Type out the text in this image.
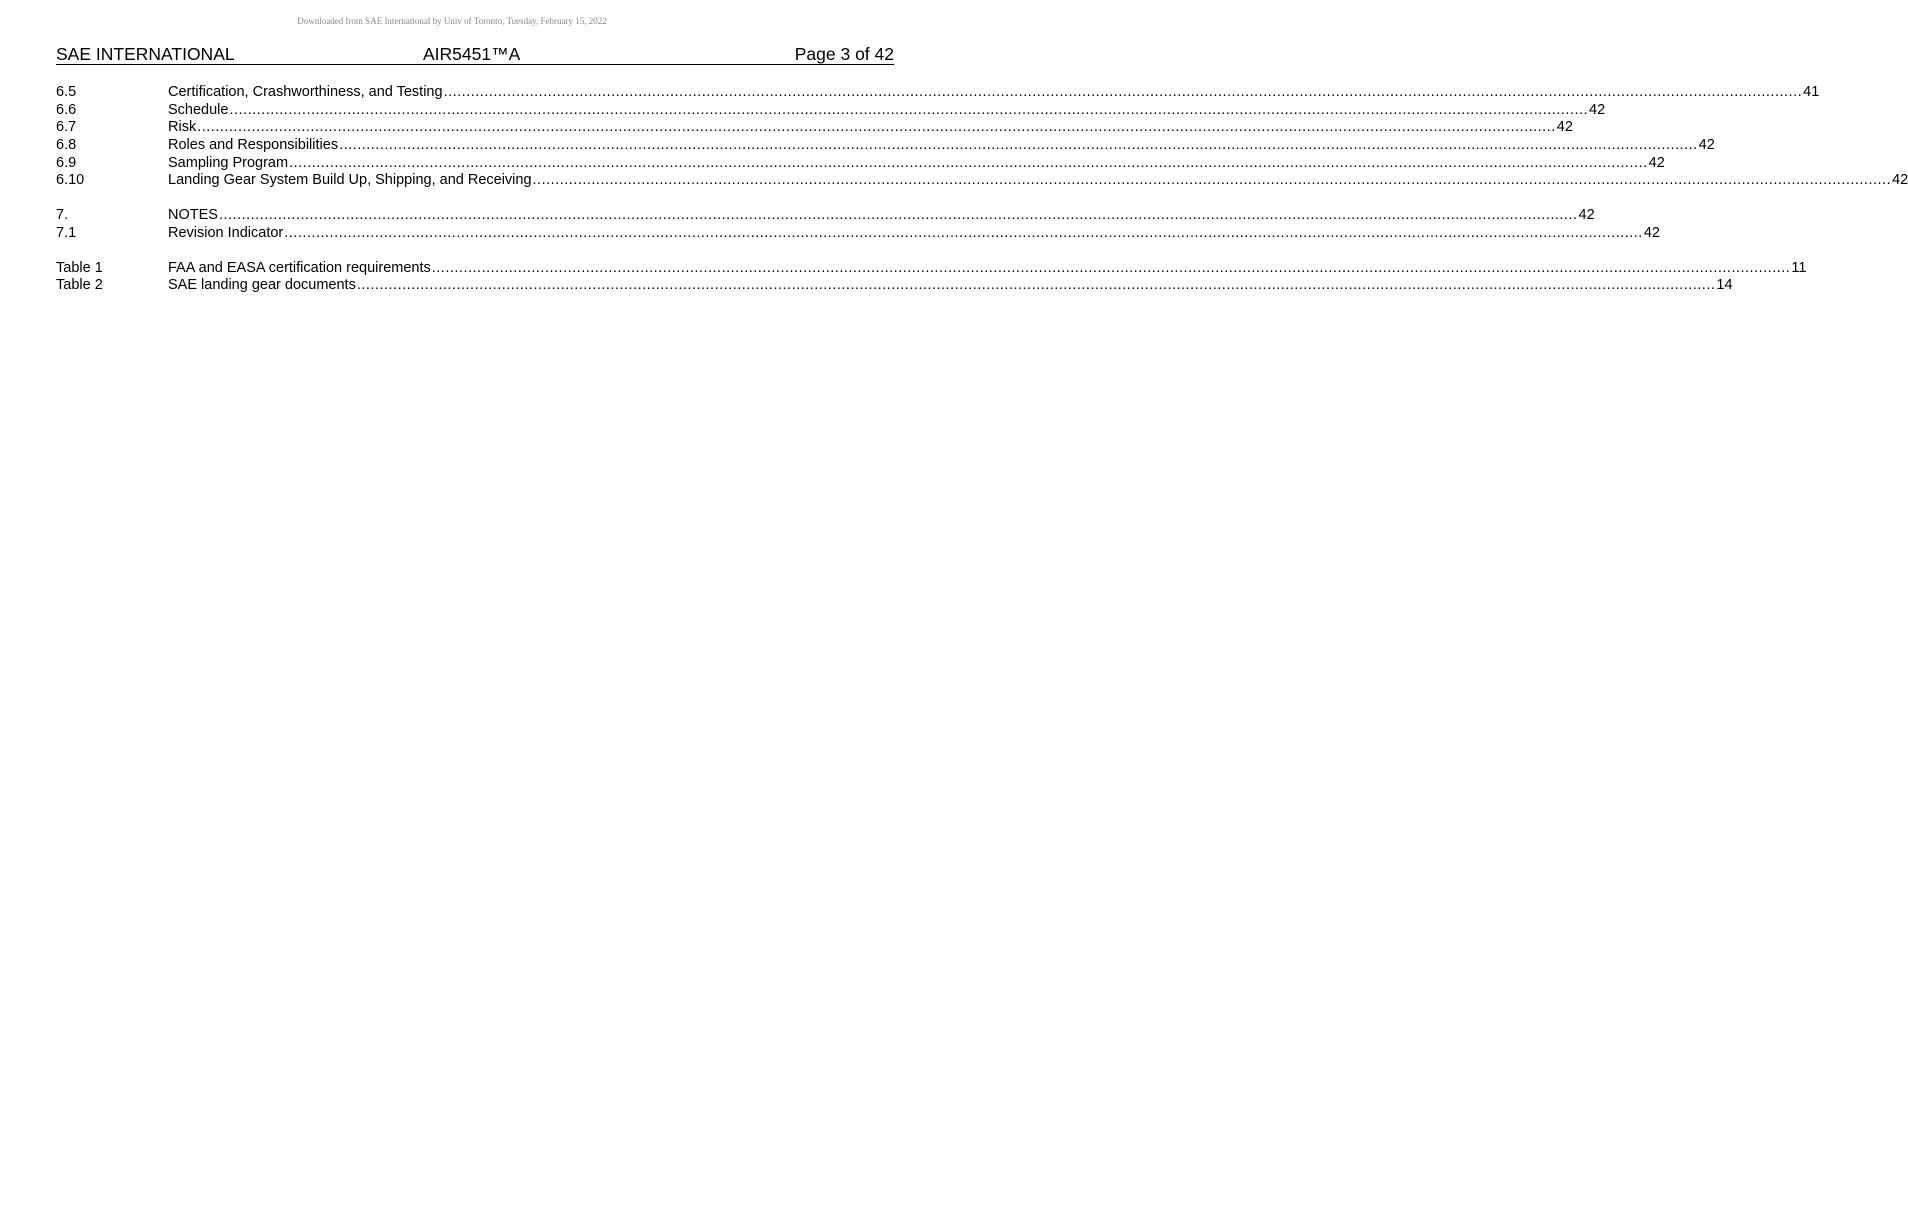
Downloaded from SAE International by Univ of Toronto, Tuesday, February 15, 2022
SAE INTERNATIONAL	AIR5451™A	Page 3 of 42
6.5	Certification, Crashworthiness, and Testing ............................................................................................................................................................................................................................................................................................................ 41
6.6	Schedule ............................................................................................................................................................................................................................................................................................................ 42
6.7	Risk ............................................................................................................................................................................................................................................................................................................ 42
6.8	Roles and Responsibilities ............................................................................................................................................................................................................................................................................................................ 42
6.9	Sampling Program ............................................................................................................................................................................................................................................................................................................ 42
6.10	Landing Gear System Build Up, Shipping, and Receiving ............................................................................................................................................................................................................................................................................................................ 42
7.	NOTES ............................................................................................................................................................................................................................................................................................................ 42
7.1	Revision Indicator ............................................................................................................................................................................................................................................................................................................ 42
Table 1	FAA and EASA certification requirements ............................................................................................................................................................................................................................................................................................................ 11
Table 2	SAE landing gear documents ............................................................................................................................................................................................................................................................................................................ 14
